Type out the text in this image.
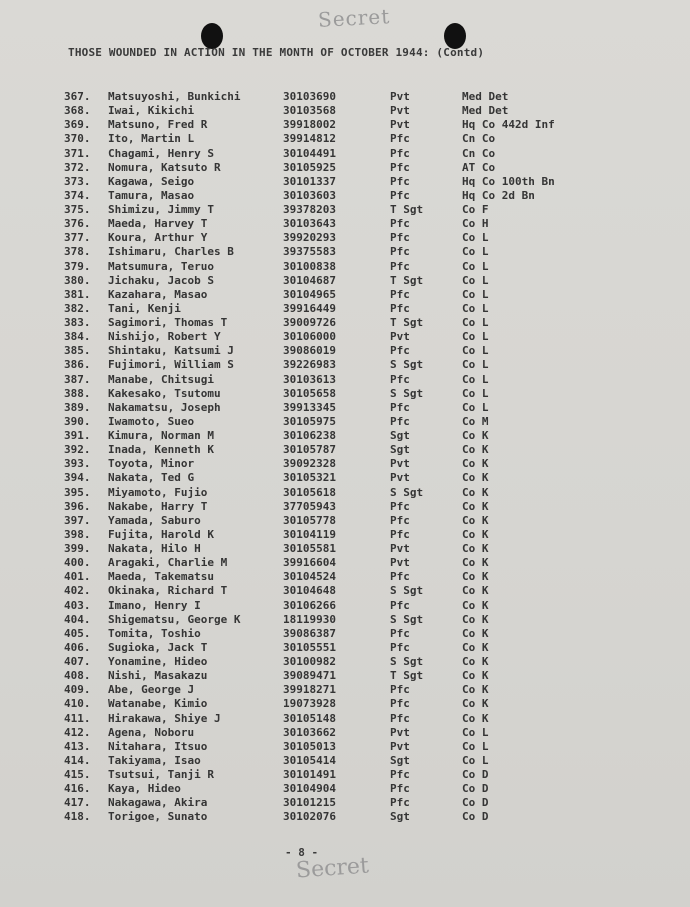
Secret
THOSE WOUNDED IN ACTION IN THE MONTH OF OCTOBER 1944: (Contd)
367. Matsuyoshi, Bunkichi	30103690	Pvt	Med Det
368. Iwai, Kikichi	30103568	Pvt	Med Det
369. Matsuno, Fred R	39918002	Pvt	Hq Co 442d Inf
370. Ito, Martin L	39914812	Pfc	Cn Co
371. Chagami, Henry S	30104491	Pfc	Cn Co
372. Nomura, Katsuto R	30105925	Pfc	AT Co
373. Kagawa, Seigo	30101337	Pfc	Hq Co 100th Bn
374. Tamura, Masao	30103603	Pfc	Hq Co 2d Bn
375. Shimizu, Jimmy T	39378203	T Sgt	Co F
376. Maeda, Harvey T	30103643	Pfc	Co H
377. Koura, Arthur Y	39920293	Pfc	Co L
378. Ishimaru, Charles B	39375583	Pfc	Co L
379. Matsumura, Teruo	30100838	Pfc	Co L
380. Jichaku, Jacob S	30104687	T Sgt	Co L
381. Kazahara, Masao	30104965	Pfc	Co L
382. Tani, Kenji	39916449	Pfc	Co L
383. Sagimori, Thomas T	39009726	T Sgt	Co L
384. Nishijo, Robert Y	30106000	Pvt	Co L
385. Shintaku, Katsumi J	39086019	Pfc	Co L
386. Fujimori, William S	39226983	S Sgt	Co L
387. Manabe, Chitsugi	30103613	Pfc	Co L
388. Kakesako, Tsutomu	30105658	S Sgt	Co L
389. Nakamatsu, Joseph	39913345	Pfc	Co L
390. Iwamoto, Sueo	30105975	Pfc	Co M
391. Kimura, Norman M	30106238	Sgt	Co K
392. Inada, Kenneth K	30105787	Sgt	Co K
393. Toyota, Minor	39092328	Pvt	Co K
394. Nakata, Ted G	30105321	Pvt	Co K
395. Miyamoto, Fujio	30105618	S Sgt	Co K
396. Nakabe, Harry T	37705943	Pfc	Co K
397. Yamada, Saburo	30105778	Pfc	Co K
398. Fujita, Harold K	30104119	Pfc	Co K
399. Nakata, Hilo H	30105581	Pvt	Co K
400. Aragaki, Charlie M	39916604	Pvt	Co K
401. Maeda, Takematsu	30104524	Pfc	Co K
402. Okinaka, Richard T	30104648	S Sgt	Co K
403. Imano, Henry I	30106266	Pfc	Co K
404. Shigematsu, George K	18119930	S Sgt	Co K
405. Tomita, Toshio	39086387	Pfc	Co K
406. Sugioka, Jack T	30105551	Pfc	Co K
407. Yonamine, Hideo	30100982	S Sgt	Co K
408. Nishi, Masakazu	39089471	T Sgt	Co K
409. Abe, George J	39918271	Pfc	Co K
410. Watanabe, Kimio	19073928	Pfc	Co K
411. Hirakawa, Shiye J	30105148	Pfc	Co K
412. Agena, Noboru	30103662	Pvt	Co L
413. Nitahara, Itsuo	30105013	Pvt	Co L
414. Takiyama, Isao	30105414	Sgt	Co L
415. Tsutsui, Tanji R	30101491	Pfc	Co D
416. Kaya, Hideo	30104904	Pfc	Co D
417. Nakagawa, Akira	30101215	Pfc	Co D
418. Torigoe, Sunato	30102076	Sgt	Co D
- 8 -
Secret
